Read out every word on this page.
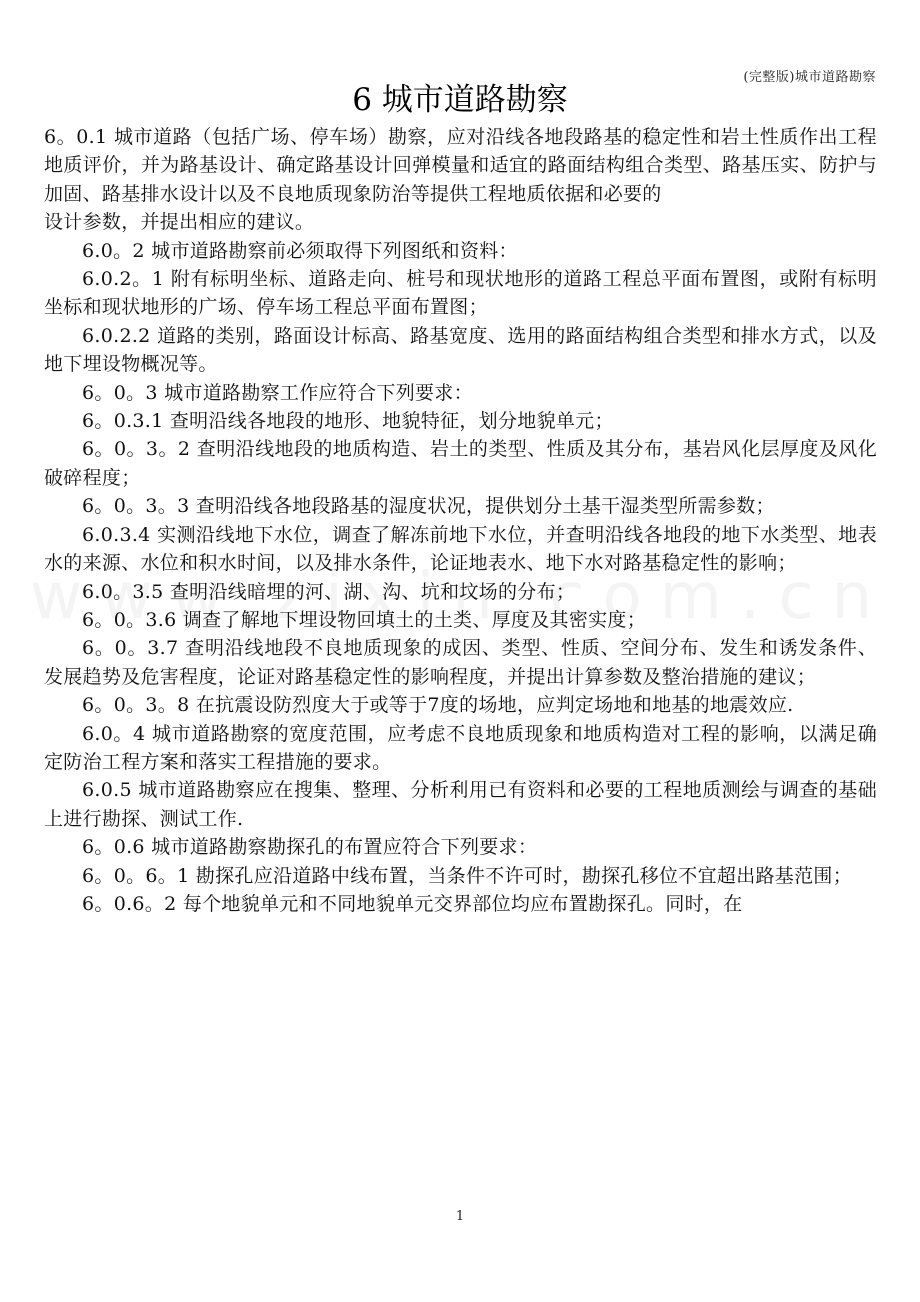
(完整版)城市道路勘察
6 城市道路勘察

6。0.1 城市道路（包括广场、停车场）勘察，应对沿线各地段路基的稳定性和岩土性质作出工程地质评价，并为路基设计、确定路基设计回弹模量和适宜的路面结构组合类型、路基压实、防护与加固、路基排水设计以及不良地质现象防治等提供工程地质依据和必要的

设计参数，并提出相应的建议。

6.0。2 城市道路勘察前必须取得下列图纸和资料：

6.0.2。1 附有标明坐标、道路走向、桩号和现状地形的道路工程总平面布置图，或附有标明坐标和现状地形的广场、停车场工程总平面布置图；

6.0.2.2 道路的类别，路面设计标高、路基宽度、选用的路面结构组合类型和排水方式，以及地下埋设物概况等。

6。0。3 城市道路勘察工作应符合下列要求：

6。0.3.1 查明沿线各地段的地形、地貌特征，划分地貌单元；

6。0。3。2 查明沿线地段的地质构造、岩土的类型、性质及其分布，基岩风化层厚度及风化破碎程度；

6。0。3。3 查明沿线各地段路基的湿度状况，提供划分土基干湿类型所需参数；

6.0.3.4 实测沿线地下水位，调查了解冻前地下水位，并查明沿线各地段的地下水类型、地表水的来源、水位和积水时间，以及排水条件，论证地表水、地下水对路基稳定性的影响；

6.0。3.5 查明沿线暗埋的河、湖、沟、坑和坟场的分布；

6。0。3.6 调查了解地下埋设物回填土的土类、厚度及其密实度；

6。0。3.7 查明沿线地段不良地质现象的成因、类型、性质、空间分布、发生和诱发条件、发展趋势及危害程度，论证对路基稳定性的影响程度，并提出计算参数及整治措施的建议；

6。0。3。8 在抗震设防烈度大于或等于7度的场地，应判定场地和地基的地震效应.

6.0。4 城市道路勘察的宽度范围，应考虑不良地质现象和地质构造对工程的影响，以满足确定防治工程方案和落实工程措施的要求。

6.0.5 城市道路勘察应在搜集、整理、分析利用已有资料和必要的工程地质测绘与调查的基础上进行勘探、测试工作.

6。0.6 城市道路勘察勘探孔的布置应符合下列要求：

6。0。6。1 勘探孔应沿道路中线布置，当条件不许可时，勘探孔移位不宜超出路基范围；

6。0.6。2 每个地貌单元和不同地貌单元交界部位均应布置勘探孔。同时，在

1
